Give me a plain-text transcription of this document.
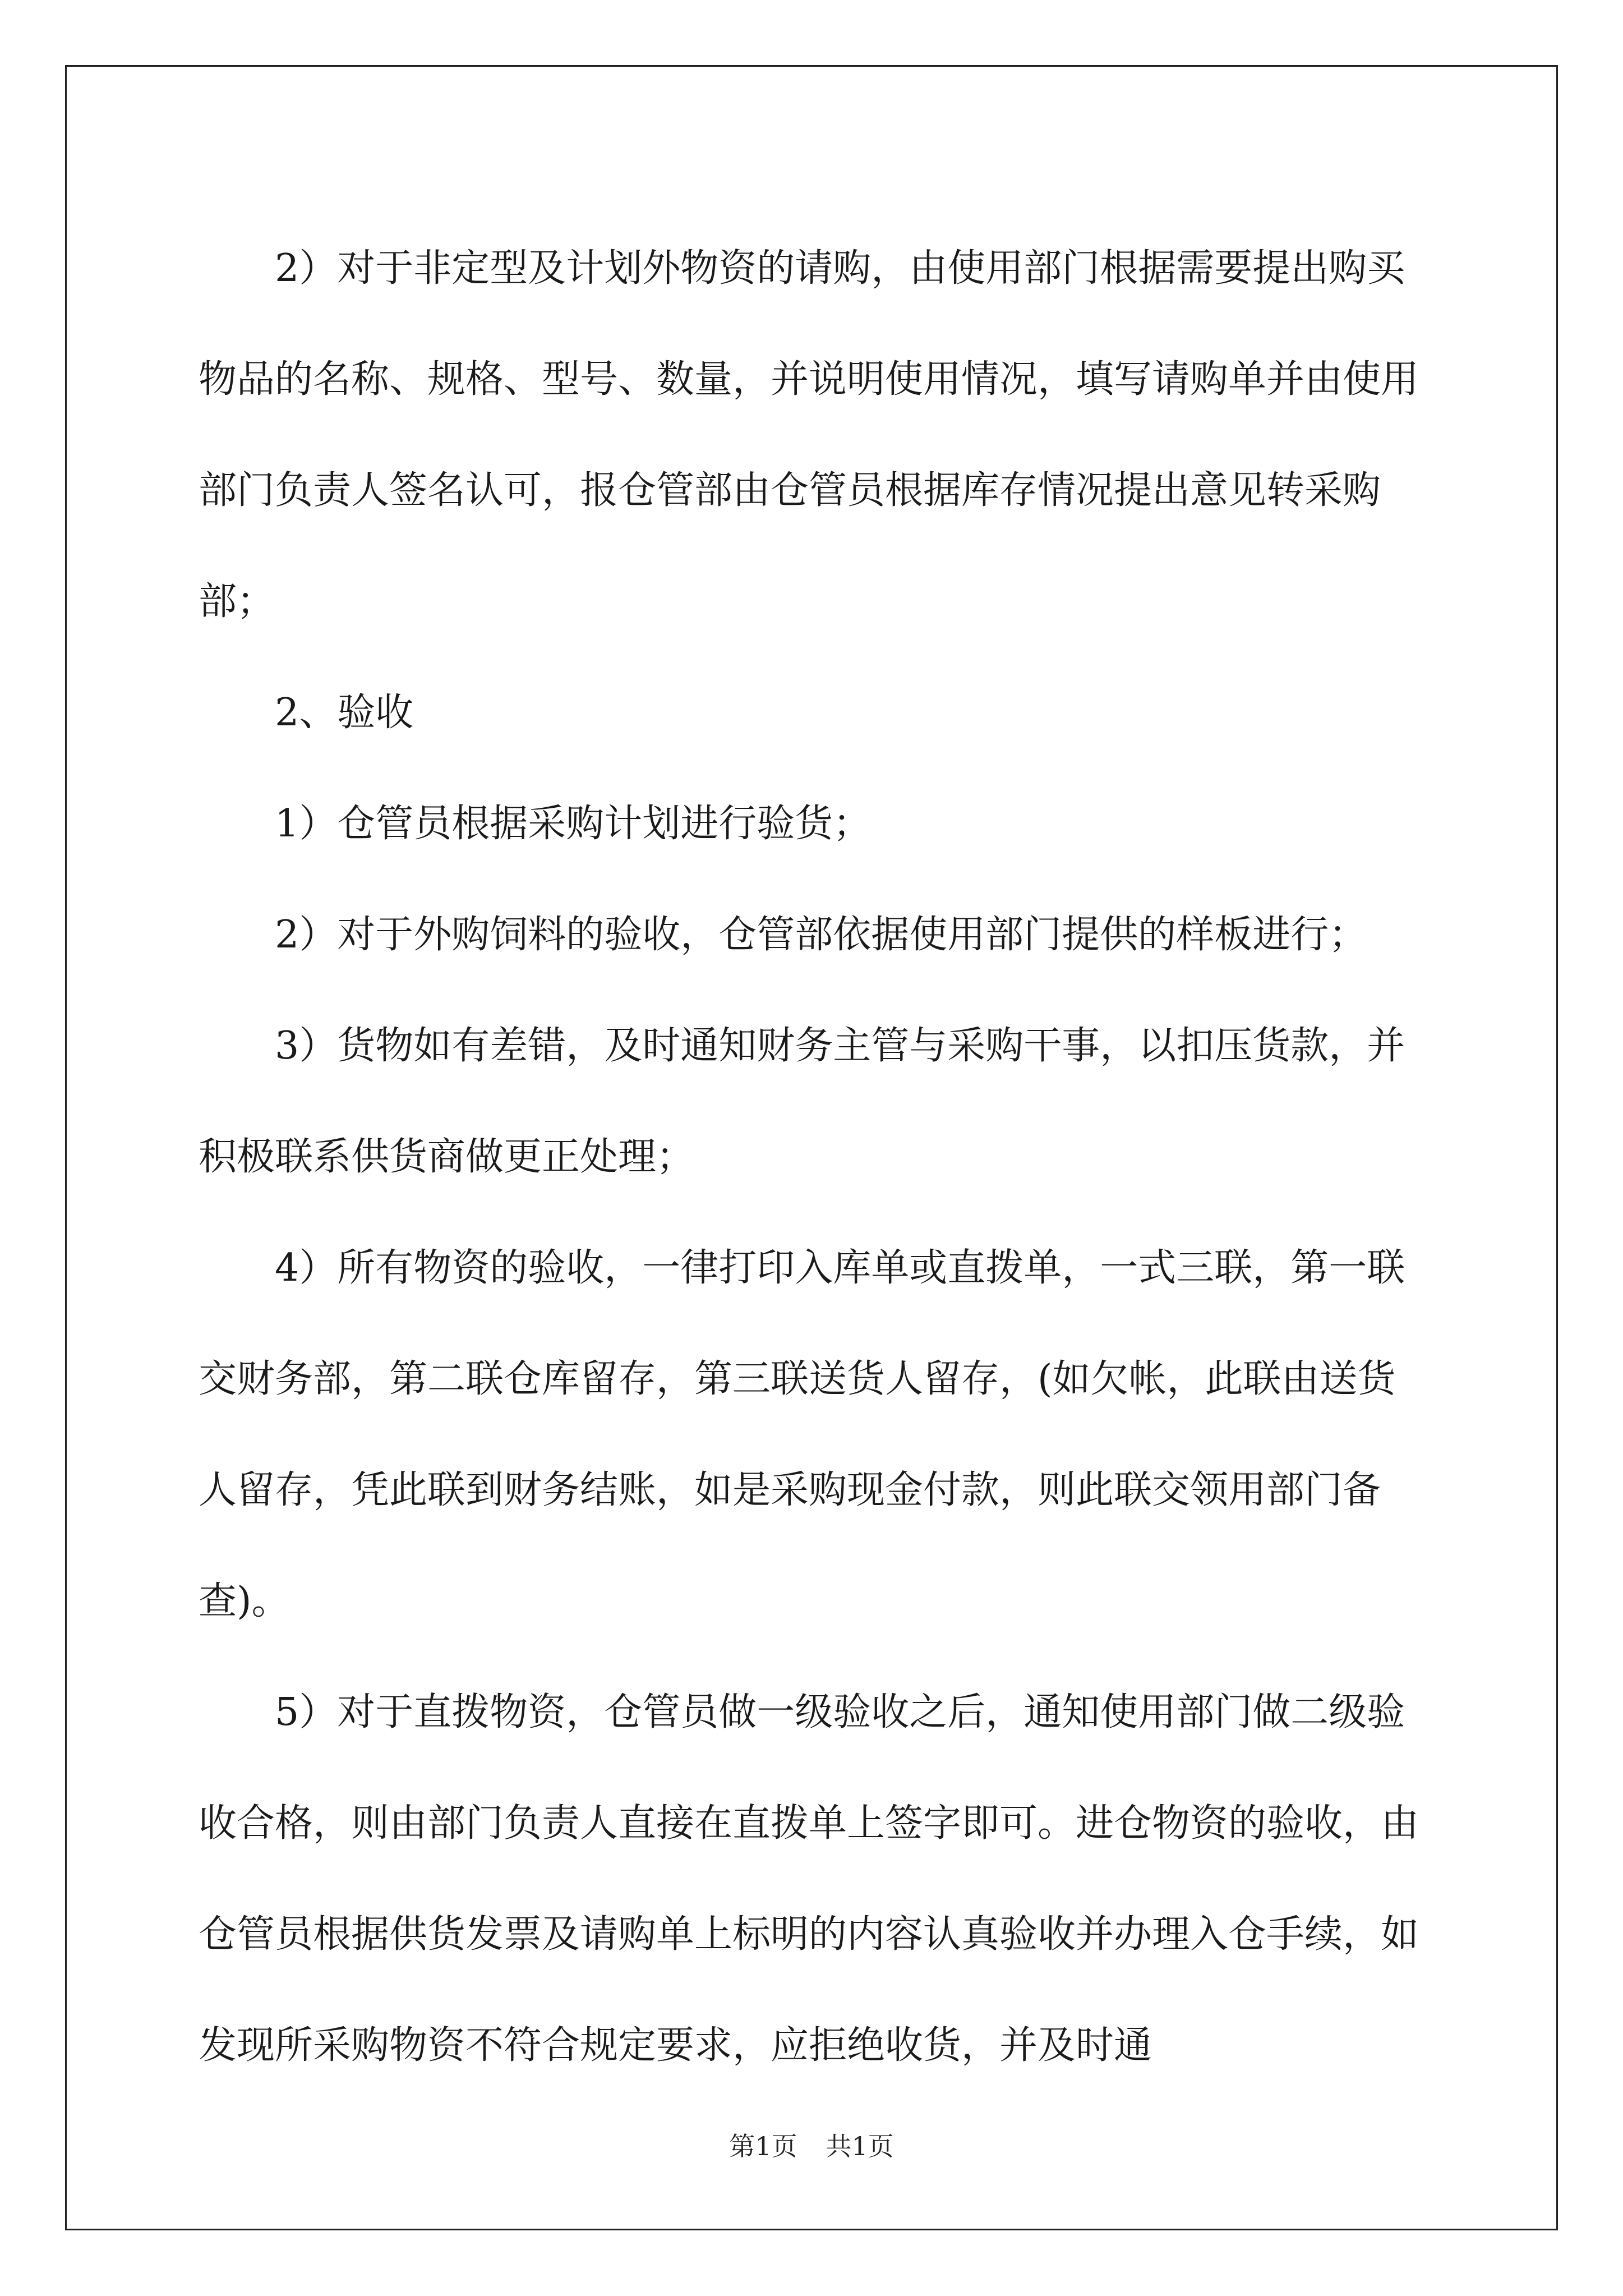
2）对于非定型及计划外物资的请购，由使用部门根据需要提出购买物品的名称、规格、型号、数量，并说明使用情况，填写请购单并由使用部门负责人签名认可，报仓管部由仓管员根据库存情况提出意见转采购部；

2、验收

1）仓管员根据采购计划进行验货；

2）对于外购饲料的验收，仓管部依据使用部门提供的样板进行；

3）货物如有差错，及时通知财务主管与采购干事，以扣压货款，并积极联系供货商做更正处理；

4）所有物资的验收，一律打印入库单或直拨单，一式三联，第一联交财务部，第二联仓库留存，第三联送货人留存，(如欠帐，此联由送货人留存，凭此联到财务结账，如是采购现金付款，则此联交领用部门备查)。

5）对于直拨物资，仓管员做一级验收之后，通知使用部门做二级验收合格，则由部门负责人直接在直拨单上签字即可。进仓物资的验收，由仓管员根据供货发票及请购单上标明的内容认真验收并办理入仓手续，如发现所采购物资不符合规定要求，应拒绝收货，并及时通

第1页 共1页
